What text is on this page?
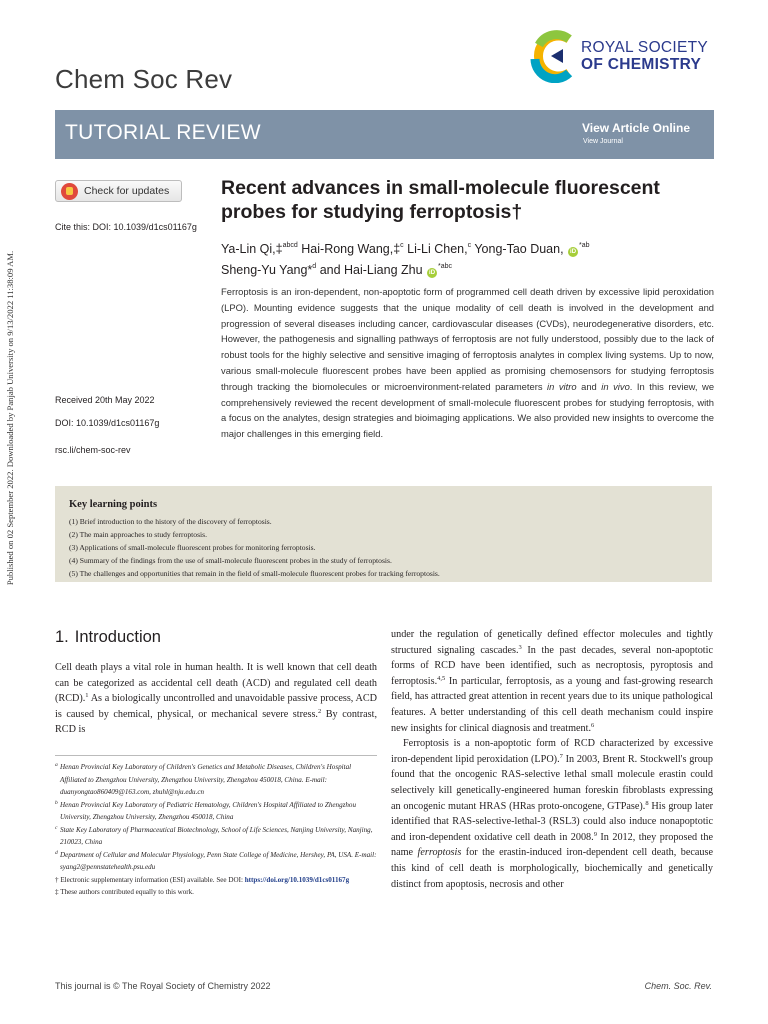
Published on 02 September 2022. Downloaded by Panjab University on 9/13/2022 11:38:09 AM.
Chem Soc Rev
ROYAL SOCIETY
OF CHEMISTRY
TUTORIAL REVIEW	View Article Online
View Journal
Check for updates
Cite this: DOI: 10.1039/d1cs01167g
Received 20th May 2022
DOI: 10.1039/d1cs01167g
rsc.li/chem-soc-rev
Recent advances in small-molecule fluorescent probes for studying ferroptosis†
Ya-Lin Qi,‡$^{abcd}$ Hai-Rong Wang,‡$^c$ Li-Li Chen,$^c$ Yong-Tao Duan, $iD^{*ab}$
Sheng-Yu Yang*$^d$ and Hai-Liang Zhu $iD^{*abc}$
Ferroptosis is an iron-dependent, non-apoptotic form of programmed cell death driven by excessive lipid peroxidation (LPO). Mounting evidence suggests that the unique modality of cell death is involved in the development and progression of several diseases including cancer, cardiovascular diseases (CVDs), neurodegenerative disorders, etc. However, the pathogenesis and signalling pathways of ferroptosis are not fully understood, possibly due to the lack of robust tools for the highly selective and sensitive imaging of ferroptosis analytes in complex living systems. Up to now, various small-molecule fluorescent probes have been applied as promising chemosensors for studying ferroptosis through tracking the biomolecules or microenvironment-related parameters in vitro and in vivo. In this review, we comprehensively reviewed the recent development of small-molecule fluorescent probes for studying ferroptosis, with a focus on the analytes, design strategies and bioimaging applications. We also provided new insights to overcome the major challenges in this emerging field.
Key learning points
(1) Brief introduction to the history of the discovery of ferroptosis.
(2) The main approaches to study ferroptosis.
(3) Applications of small-molecule fluorescent probes for monitoring ferroptosis.
(4) Summary of the findings from the use of small-molecule fluorescent probes in the study of ferroptosis.
(5) The challenges and opportunities that remain in the field of small-molecule fluorescent probes for tracking ferroptosis.
1. Introduction
Cell death plays a vital role in human health. It is well known that cell death can be categorized as accidental cell death (ACD) and regulated cell death (RCD).$^1$ As a biologically uncontrolled and unavoidable passive process, ACD is caused by chemical, physical, or mechanical severe stress.$^2$ By contrast, RCD is
a Henan Provincial Key Laboratory of Children's Genetics and Metabolic Diseases, Children's Hospital Affiliated to Zhengzhou University, Zhengzhou University, Zhengzhou 450018, China. E-mail: duanyongtao860409@163.com, zhuhl@nju.edu.cn
b Henan Provincial Key Laboratory of Pediatric Hematology, Children's Hospital Affiliated to Zhengzhou University, Zhengzhou University, Zhengzhou 450018, China
c State Key Laboratory of Pharmaceutical Biotechnology, School of Life Sciences, Nanjing University, Nanjing, 210023, China
d Department of Cellular and Molecular Physiology, Penn State College of Medicine, Hershey, PA, USA. E-mail: syang2@pennstatehealth.psu.edu
† Electronic supplementary information (ESI) available. See DOI: https://doi.org/10.1039/d1cs01167g
‡ These authors contributed equally to this work.
under the regulation of genetically defined effector molecules and tightly structured signaling cascades.$^3$ In the past decades, several non-apoptotic forms of RCD have been identified, such as necroptosis, pyroptosis and ferroptosis.$^{4,5}$ In particular, ferroptosis, as a young and fast-growing research field, has attracted great attention in recent years due to its unique pathological features. A better understanding of this cell death mechanism could inspire new insights for clinical diagnosis and treatment.$^6$
Ferroptosis is a non-apoptotic form of RCD characterized by excessive iron-dependent lipid peroxidation (LPO).$^7$ In 2003, Brent R. Stockwell's group found that the oncogenic RAS-selective lethal small molecule erastin could selectively kill genetically-engineered human foreskin fibroblasts expressing an oncogenic mutant HRAS (HRas proto-oncogene, GTPase).$^8$ His group later identified that RAS-selective-lethal-3 (RSL3) could also induce nonapoptotic and iron-dependent oxidative cell death in 2008.$^9$ In 2012, they proposed the name ferroptosis for the erastin-induced iron-dependent cell death, because this kind of cell death is morphologically, biochemically and genetically distinct from apoptosis, necrosis and other
This journal is © The Royal Society of Chemistry 2022	Chem. Soc. Rev.
